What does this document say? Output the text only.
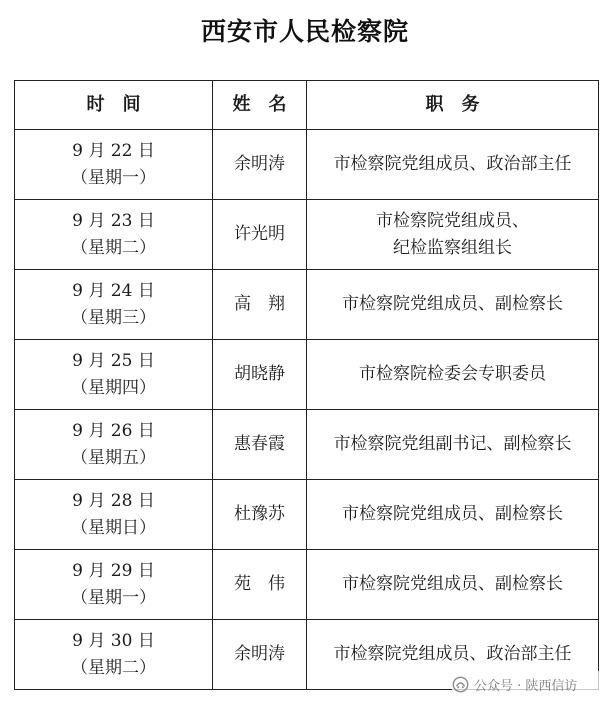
西安市人民检察院
时　间	姓　名	职　务

9 月 22 日
（星期一）	余明涛	市检察院党组成员、政治部主任

9 月 23 日
（星期二）	许光明	市检察院党组成员、
纪检监察组组长

9 月 24 日
（星期三）	高　翔	市检察院党组成员、副检察长

9 月 25 日
（星期四）	胡晓静	市检察院检委会专职委员

9 月 26 日
（星期五）	惠春霞	市检察院党组副书记、副检察长

9 月 28 日
（星期日）	杜豫苏	市检察院党组成员、副检察长

9 月 29 日
（星期一）	苑　伟	市检察院党组成员、副检察长

9 月 30 日
（星期二）	余明涛	市检察院党组成员、政治部主任
公众号 · 陕西信访
